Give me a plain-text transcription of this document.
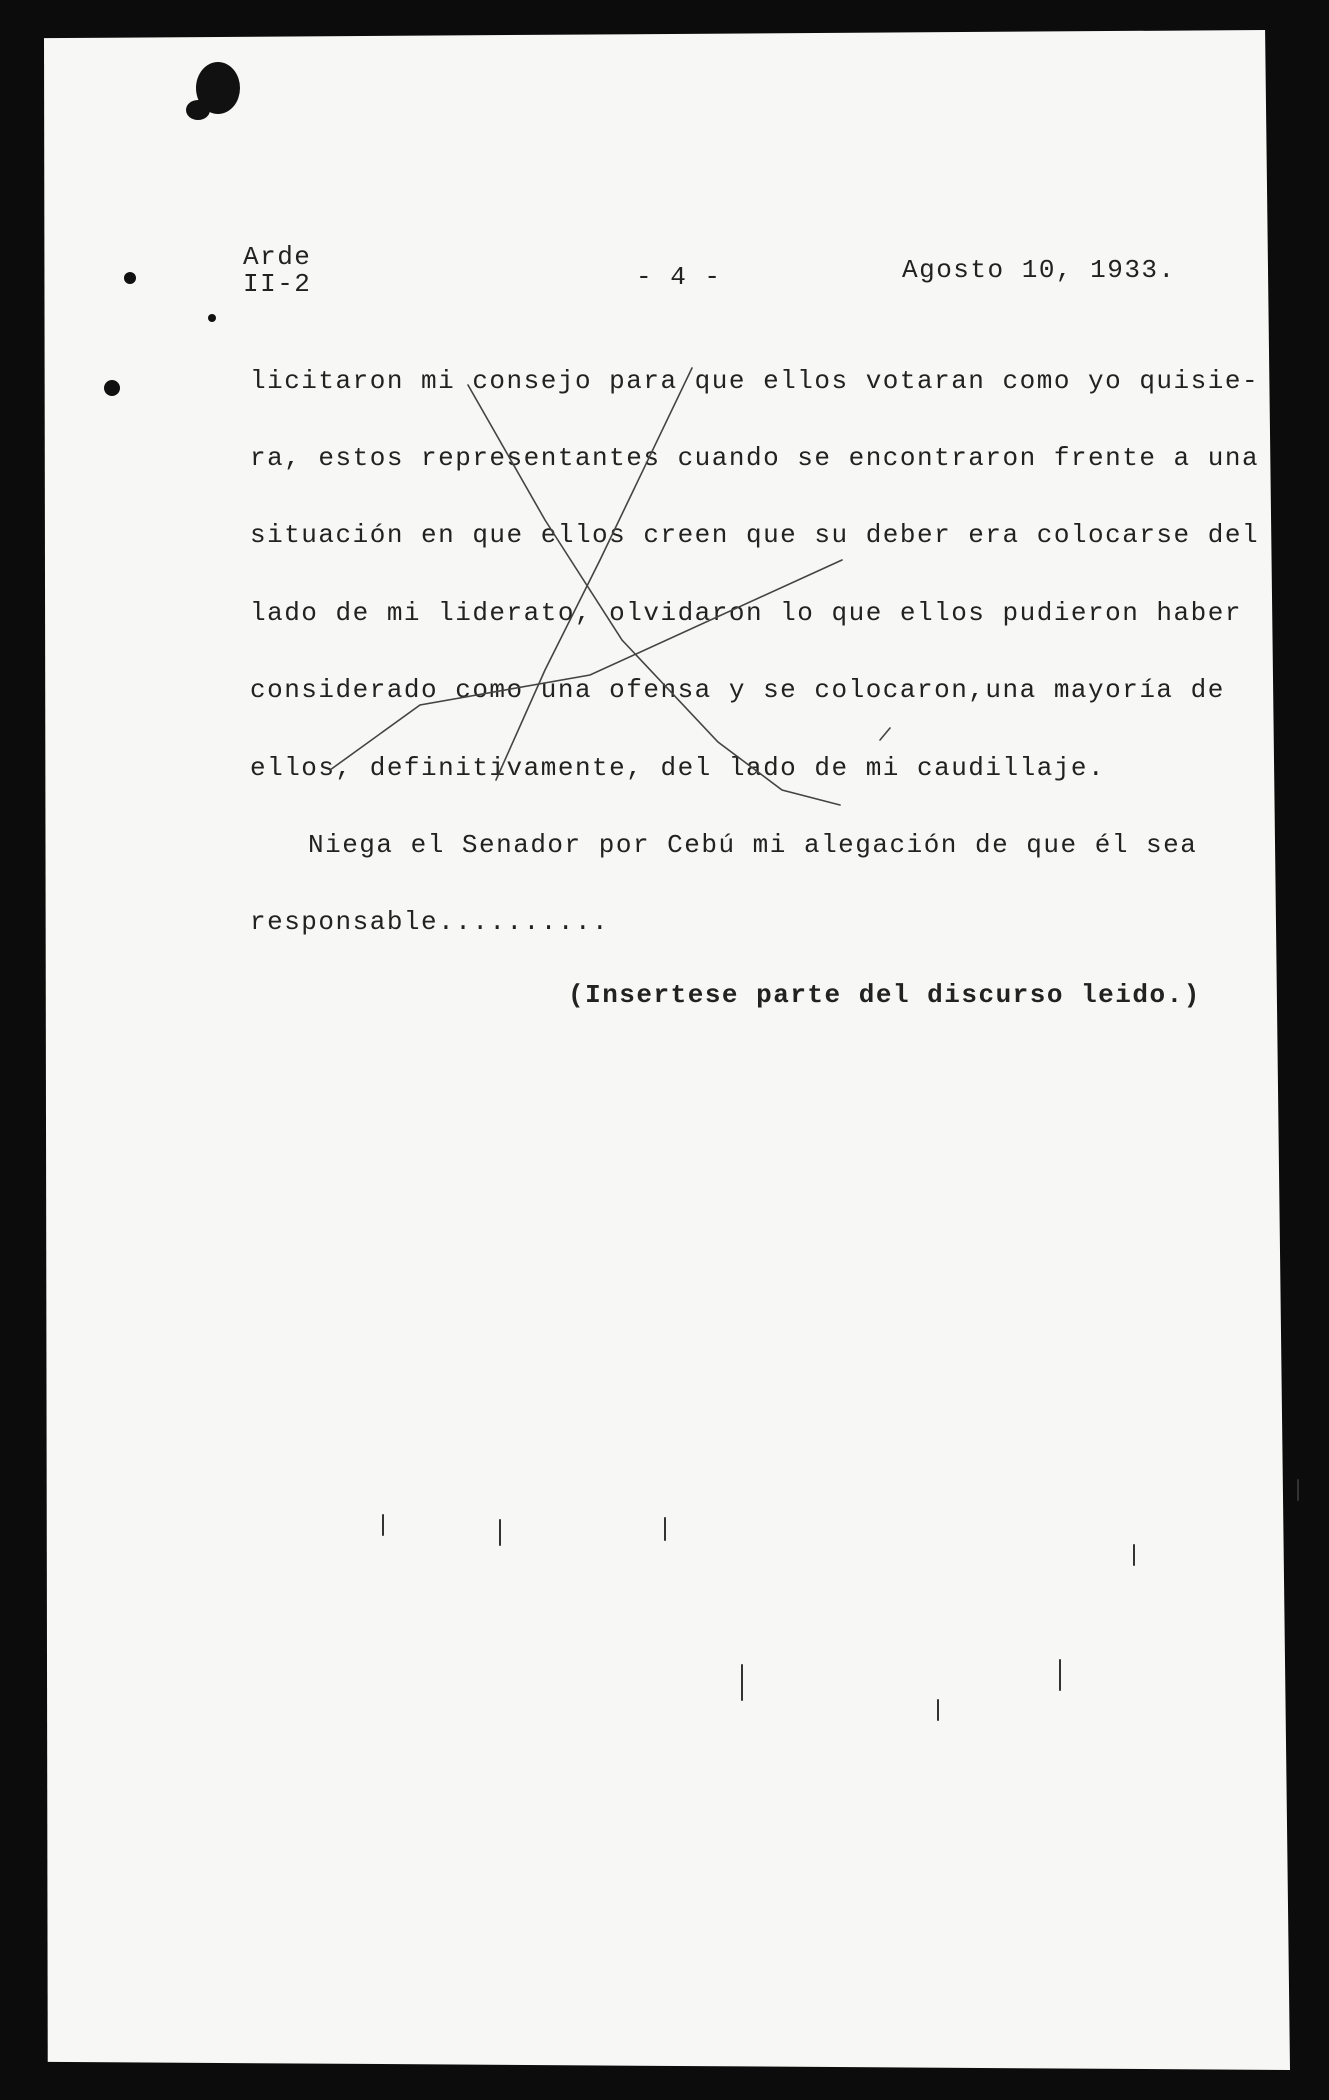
Arde
II-2	- 4 -	Agosto 10, 1933.
licitaron mi consejo para que ellos votaran como yo quisie-
ra, estos representantes cuando se encontraron frente a una
situación en que ellos creen que su deber era colocarse del
lado de mi liderato, olvidaron lo que ellos pudieron haber
considerado como una ofensa y se colocaron,una mayoría de
ellos, definitivamente, del lado de mi caudillaje.
Niega el Senador por Cebú mi alegación de que él sea
responsable..........
(Insertese parte del discurso leido.)
